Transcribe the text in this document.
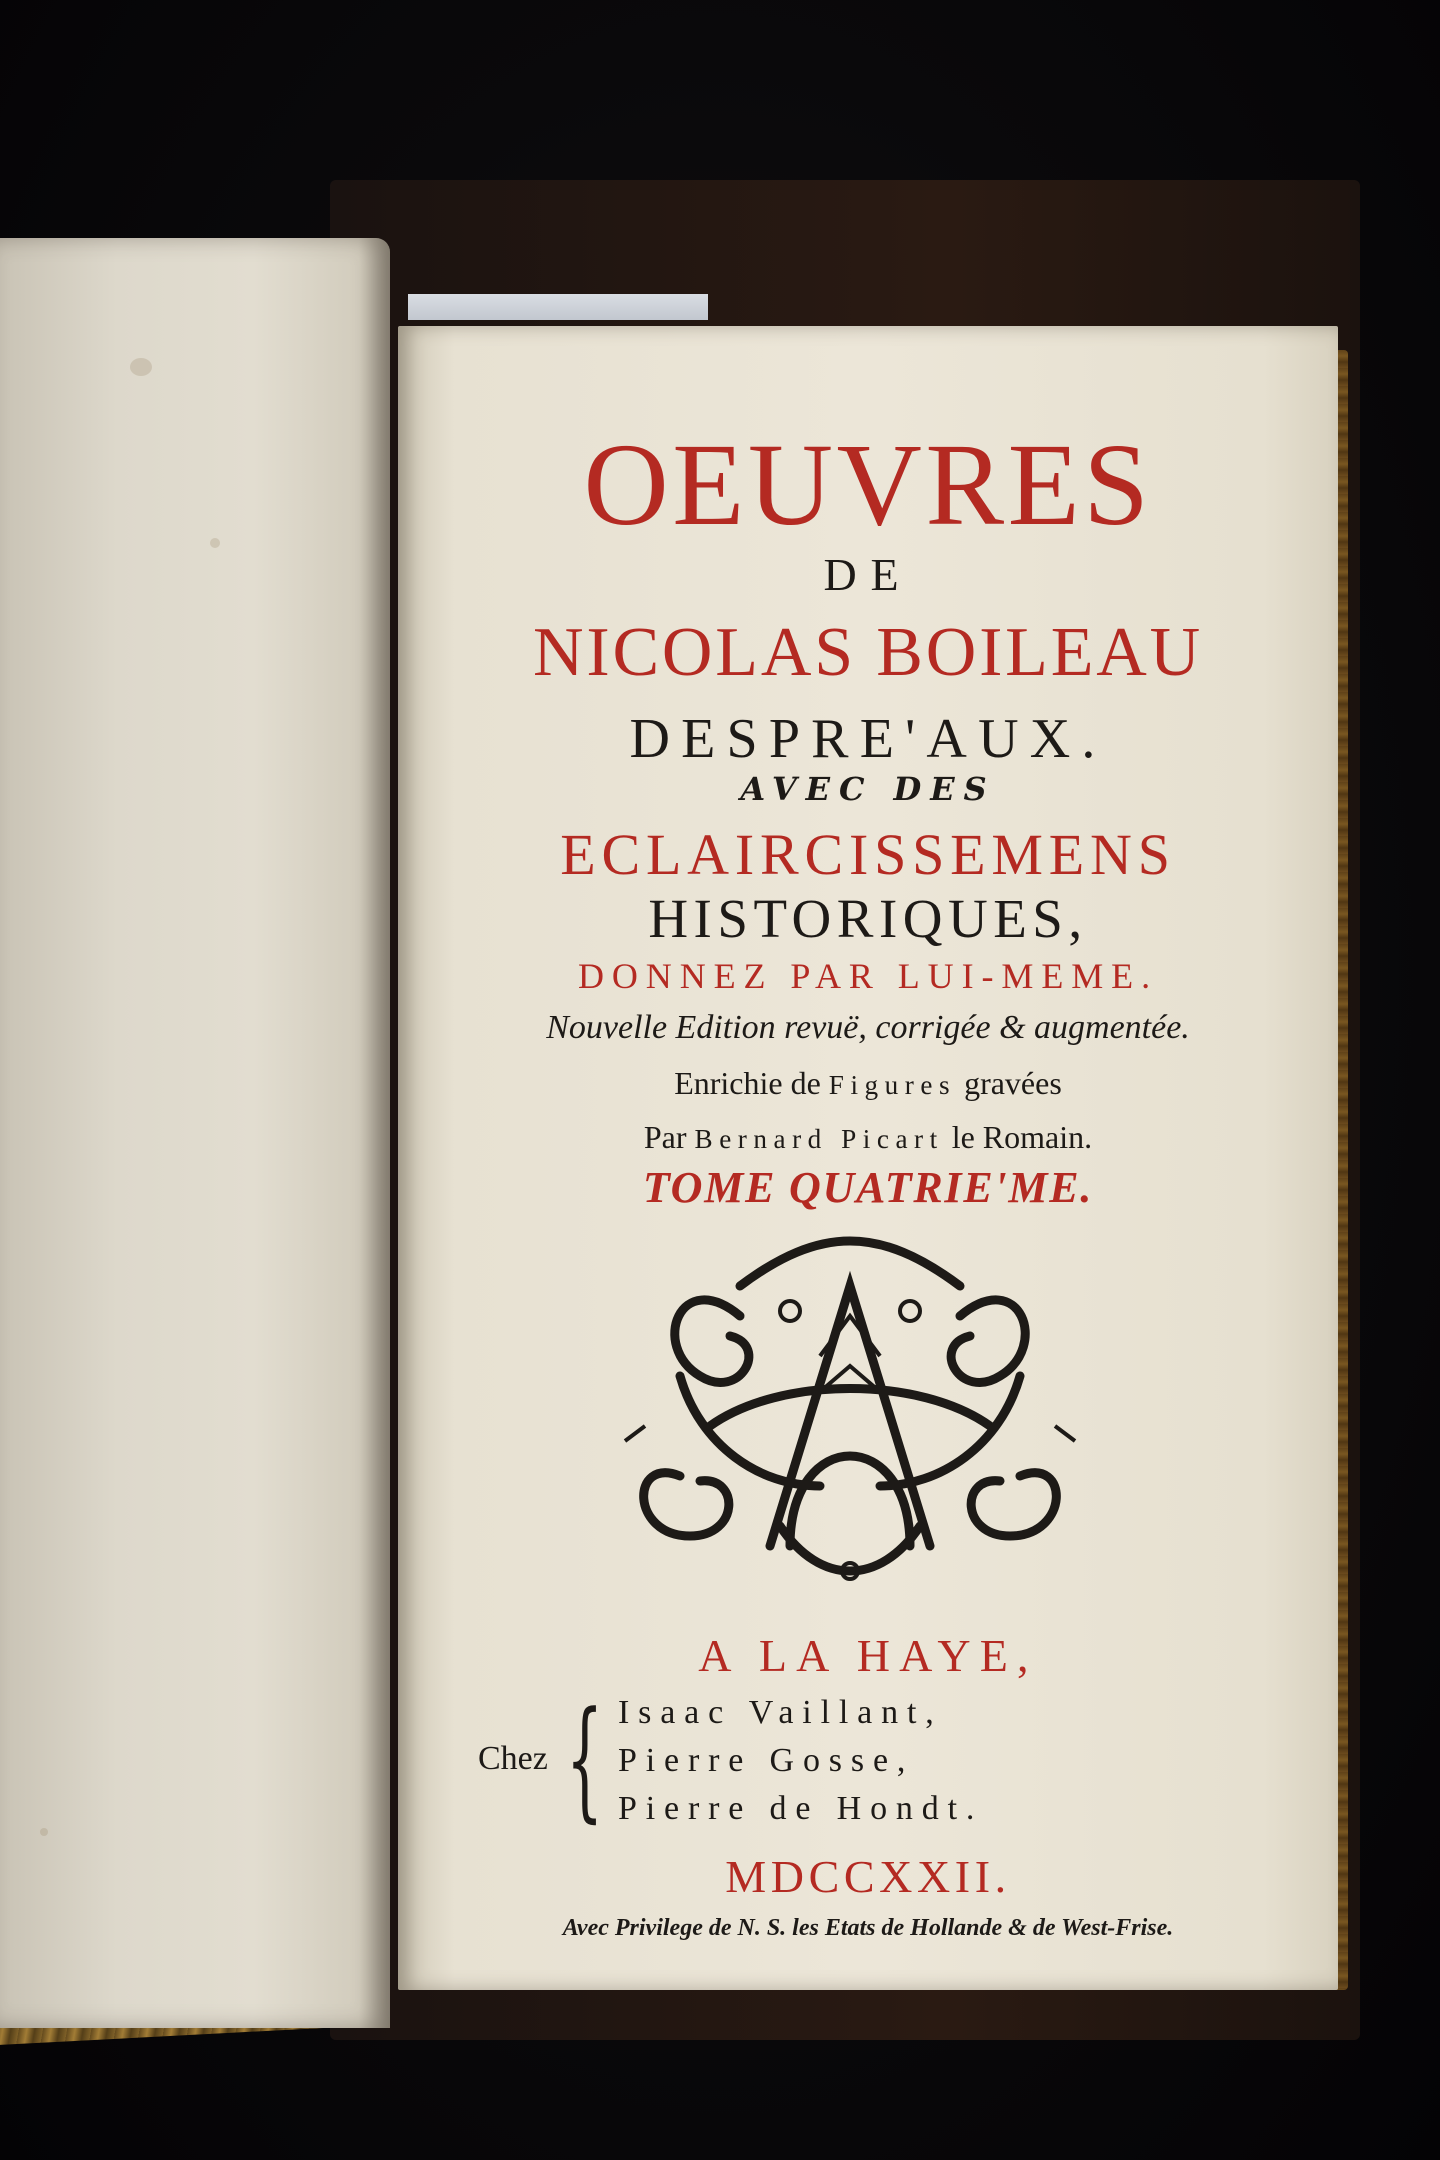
OEUVRES
DE
NICOLAS BOILEAU
DESPRE'AUX.
AVEC DES
ECLAIRCISSEMENS
HISTORIQUES,
DONNEZ PAR LUI-MEME.
Nouvelle Edition revuë, corrigée & augmentée.
Enrichie de Figures gravées
Par Bernard Picart le Romain.
TOME QUATRIE'ME.
A LA HAYE,
Chez { Isaac Vaillant,
Pierre Gosse,
Pierre de Hondt.
MDCCXXII.
Avec Privilege de N. S. les Etats de Hollande & de West-Frise.
